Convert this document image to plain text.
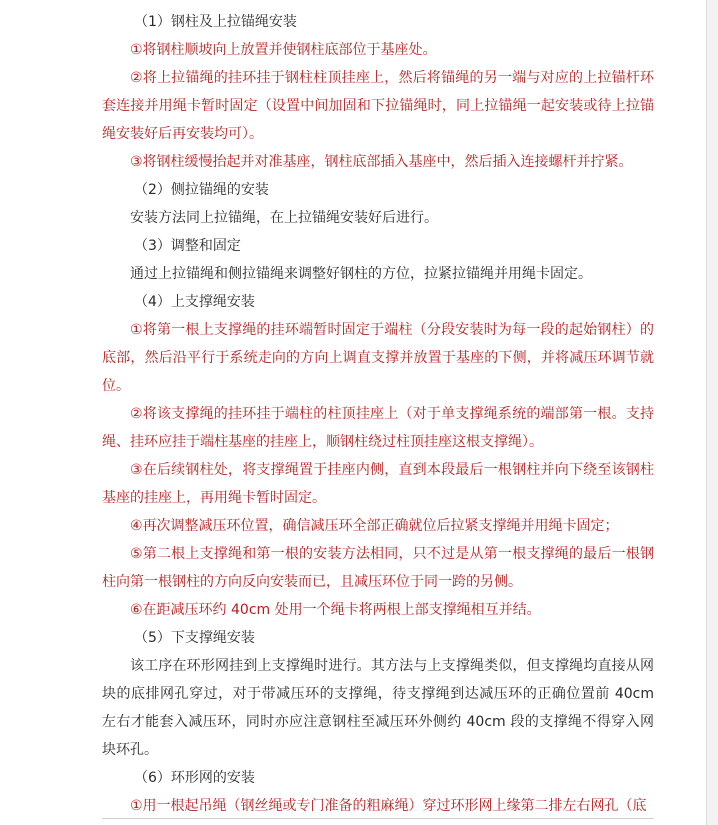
（1）钢柱及上拉锚绳安装

①将钢柱顺坡向上放置并使钢柱底部位于基座处。

②将上拉锚绳的挂环挂于钢柱柱顶挂座上，然后将锚绳的另一端与对应的上拉锚杆环套连接并用绳卡暂时固定（设置中间加固和下拉锚绳时，同上拉锚绳一起安装或待上拉锚绳安装好后再安装均可）。

③将钢柱缓慢抬起并对准基座，钢柱底部插入基座中，然后插入连接螺杆并拧紧。

（2）侧拉锚绳的安装

安装方法同上拉锚绳，在上拉锚绳安装好后进行。

（3）调整和固定

通过上拉锚绳和侧拉锚绳来调整好钢柱的方位，拉紧拉锚绳并用绳卡固定。

（4）上支撑绳安装

①将第一根上支撑绳的挂环端暂时固定于端柱（分段安装时为每一段的起始钢柱）的底部，然后沿平行于系统走向的方向上调直支撑并放置于基座的下侧，并将减压环调节就位。

②将该支撑绳的挂环挂于端柱的柱顶挂座上（对于单支撑绳系统的端部第一根。支持绳、挂环应挂于端柱基座的挂座上，顺钢柱绕过柱顶挂座这根支撑绳）。

③在后续钢柱处，将支撑绳置于挂座内侧，直到本段最后一根钢柱并向下绕至该钢柱基座的挂座上，再用绳卡暂时固定。

④再次调整减压环位置，确信减压环全部正确就位后拉紧支撑绳并用绳卡固定；

⑤第二根上支撑绳和第一根的安装方法相同，只不过是从第一根支撑绳的最后一根钢柱向第一根钢柱的方向反向安装而已，且减压环位于同一跨的另侧。

⑥在距减压环约 40cm 处用一个绳卡将两根上部支撑绳相互并结。

（5）下支撑绳安装

该工序在环形网挂到上支撑绳时进行。其方法与上支撑绳类似，但支撑绳均直接从网块的底排网孔穿过，对于带减压环的支撑绳，待支撑绳到达减压环的正确位置前 40cm 左右才能套入减压环，同时亦应注意钢柱至减压环外侧约 40cm 段的支撑绳不得穿入网块环孔。

（6）环形网的安装

①用一根起吊绳（钢丝绳或专门准备的粗麻绳）穿过环形网上缘第二排左右网孔（底
